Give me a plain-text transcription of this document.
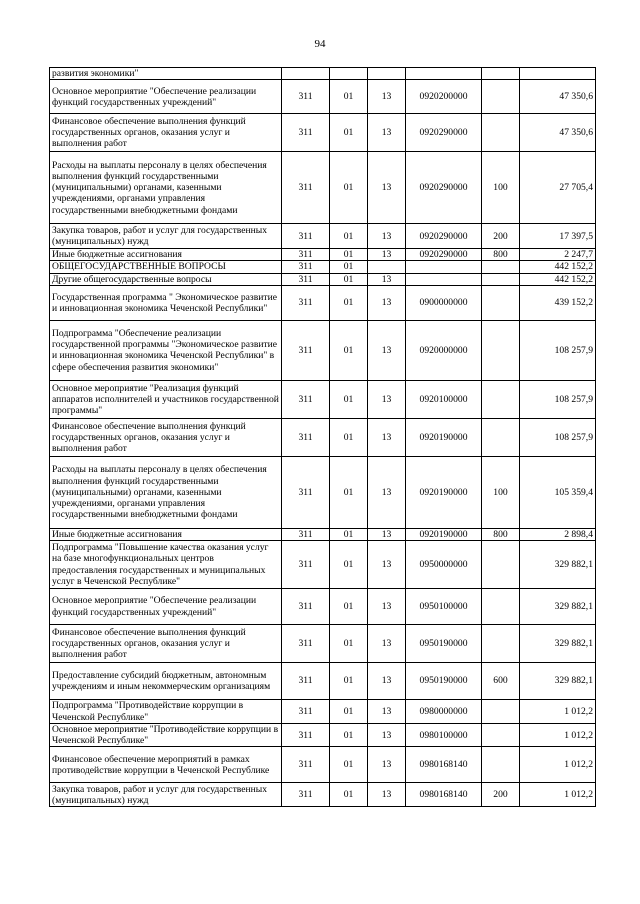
94
развития экономики"						
Основное мероприятие "Обеспечение реализации функций государственных учреждений"	311	01	13	0920200000		47 350,6
Финансовое обеспечение выполнения функций государственных органов, оказания услуг и выполнения работ	311	01	13	0920290000		47 350,6
Расходы на выплаты персоналу в целях обеспечения выполнения функций государственными (муниципальными) органами, казенными учреждениями, органами управления государственными внебюджетными фондами	311	01	13	0920290000	100	27 705,4
Закупка товаров, работ и услуг для государственных (муниципальных) нужд	311	01	13	0920290000	200	17 397,5
Иные бюджетные ассигнования	311	01	13	0920290000	800	2 247,7
ОБЩЕГОСУДАРСТВЕННЫЕ ВОПРОСЫ	311	01				442 152,2
Другие общегосударственные вопросы	311	01	13			442 152,2
Государственная программа " Экономическое развитие и инновационная экономика Чеченской Республики"	311	01	13	0900000000		439 152,2
Подпрограмма "Обеспечение реализации государственной программы "Экономическое развитие и инновационная экономика Чеченской Республики" в сфере обеспечения развития экономики"	311	01	13	0920000000		108 257,9
Основное мероприятие "Реализация функций аппаратов исполнителей и участников государственной программы"	311	01	13	0920100000		108 257,9
Финансовое обеспечение выполнения функций государственных органов, оказания услуг и выполнения работ	311	01	13	0920190000		108 257,9
Расходы на выплаты персоналу в целях обеспечения выполнения функций государственными (муниципальными) органами, казенными учреждениями, органами управления государственными внебюджетными фондами	311	01	13	0920190000	100	105 359,4
Иные бюджетные ассигнования	311	01	13	0920190000	800	2 898,4
Подпрограмма "Повышение качества оказания услуг на базе многофункциональных центров предоставления государственных и муниципальных услуг в Чеченской Республике"	311	01	13	0950000000		329 882,1
Основное мероприятие "Обеспечение реализации функций государственных учреждений"	311	01	13	0950100000		329 882,1
Финансовое обеспечение выполнения функций государственных органов, оказания услуг и выполнения работ	311	01	13	0950190000		329 882,1
Предоставление субсидий бюджетным, автономным учреждениям и иным некоммерческим организациям	311	01	13	0950190000	600	329 882,1
Подпрограмма "Противодействие коррупции в Чеченской Республике"	311	01	13	0980000000		1 012,2
Основное мероприятие "Противодействие коррупции в Чеченской Республике"	311	01	13	0980100000		1 012,2
Финансовое обеспечение мероприятий в рамках противодействие коррупции в Чеченской Республике	311	01	13	0980168140		1 012,2
Закупка товаров, работ и услуг для государственных (муниципальных) нужд	311	01	13	0980168140	200	1 012,2
